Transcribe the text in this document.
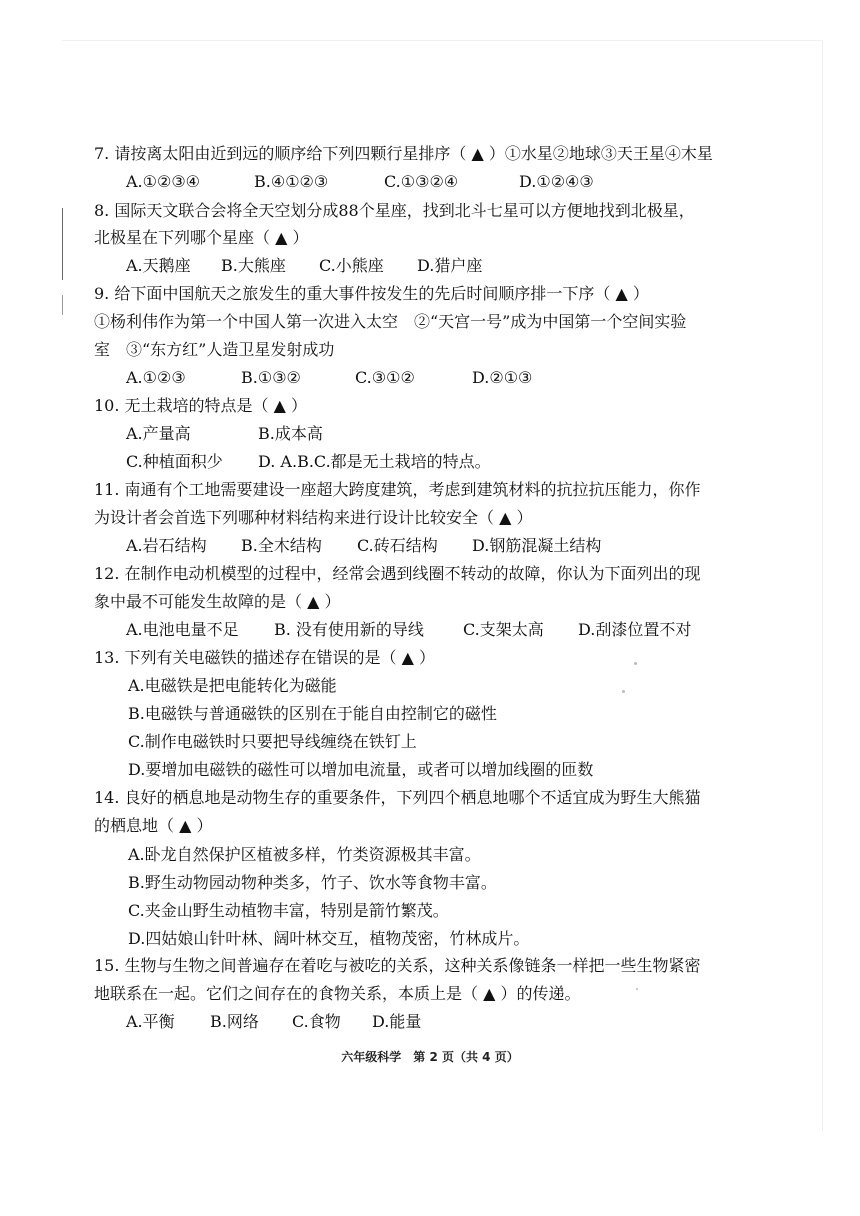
7. 请按离太阳由近到远的顺序给下列四颗行星排序（ ▲ ）①水星②地球③天王星④木星
A.①②③④	B.④①②③	C.①③②④	D.①②④③
8. 国际天文联合会将全天空划分成88个星座，找到北斗七星可以方便地找到北极星，
北极星在下列哪个星座（ ▲ ）
A.天鹅座 B.大熊座 C.小熊座 D.猎户座
9. 给下面中国航天之旅发生的重大事件按发生的先后时间顺序排一下序（ ▲ ）
①杨利伟作为第一个中国人第一次进入太空　②“天宫一号”成为中国第一个空间实验
室　③“东方红”人造卫星发射成功
A.①②③	B.①③②	C.③①②	D.②①③
10. 无土栽培的特点是（ ▲ ）
A.产量高	B.成本高
C.种植面积少 D. A.B.C.都是无土栽培的特点。
11. 南通有个工地需要建设一座超大跨度建筑，考虑到建筑材料的抗拉抗压能力，你作
为设计者会首选下列哪种材料结构来进行设计比较安全（ ▲ ）
A.岩石结构 B.全木结构 C.砖石结构 D.钢筋混凝土结构
12. 在制作电动机模型的过程中，经常会遇到线圈不转动的故障，你认为下面列出的现
象中最不可能发生故障的是（ ▲ ）
A.电池电量不足 B. 没有使用新的导线 C.支架太高 D.刮漆位置不对
13. 下列有关电磁铁的描述存在错误的是（ ▲ ）
A.电磁铁是把电能转化为磁能
B.电磁铁与普通磁铁的区别在于能自由控制它的磁性
C.制作电磁铁时只要把导线缠绕在铁钉上
D.要增加电磁铁的磁性可以增加电流量，或者可以增加线圈的匝数
14. 良好的栖息地是动物生存的重要条件，下列四个栖息地哪个不适宜成为野生大熊猫
的栖息地（ ▲ ）
A.卧龙自然保护区植被多样，竹类资源极其丰富。
B.野生动物园动物种类多，竹子、饮水等食物丰富。
C.夹金山野生动植物丰富，特别是箭竹繁茂。
D.四姑娘山针叶林、阔叶林交互，植物茂密，竹林成片。
15. 生物与生物之间普遍存在着吃与被吃的关系，这种关系像链条一样把一些生物紧密
地联系在一起。它们之间存在的食物关系，本质上是（ ▲ ）的传递。
A.平衡 B.网络 C.食物 D.能量
六年级科学　第 2 页（共 4 页）
